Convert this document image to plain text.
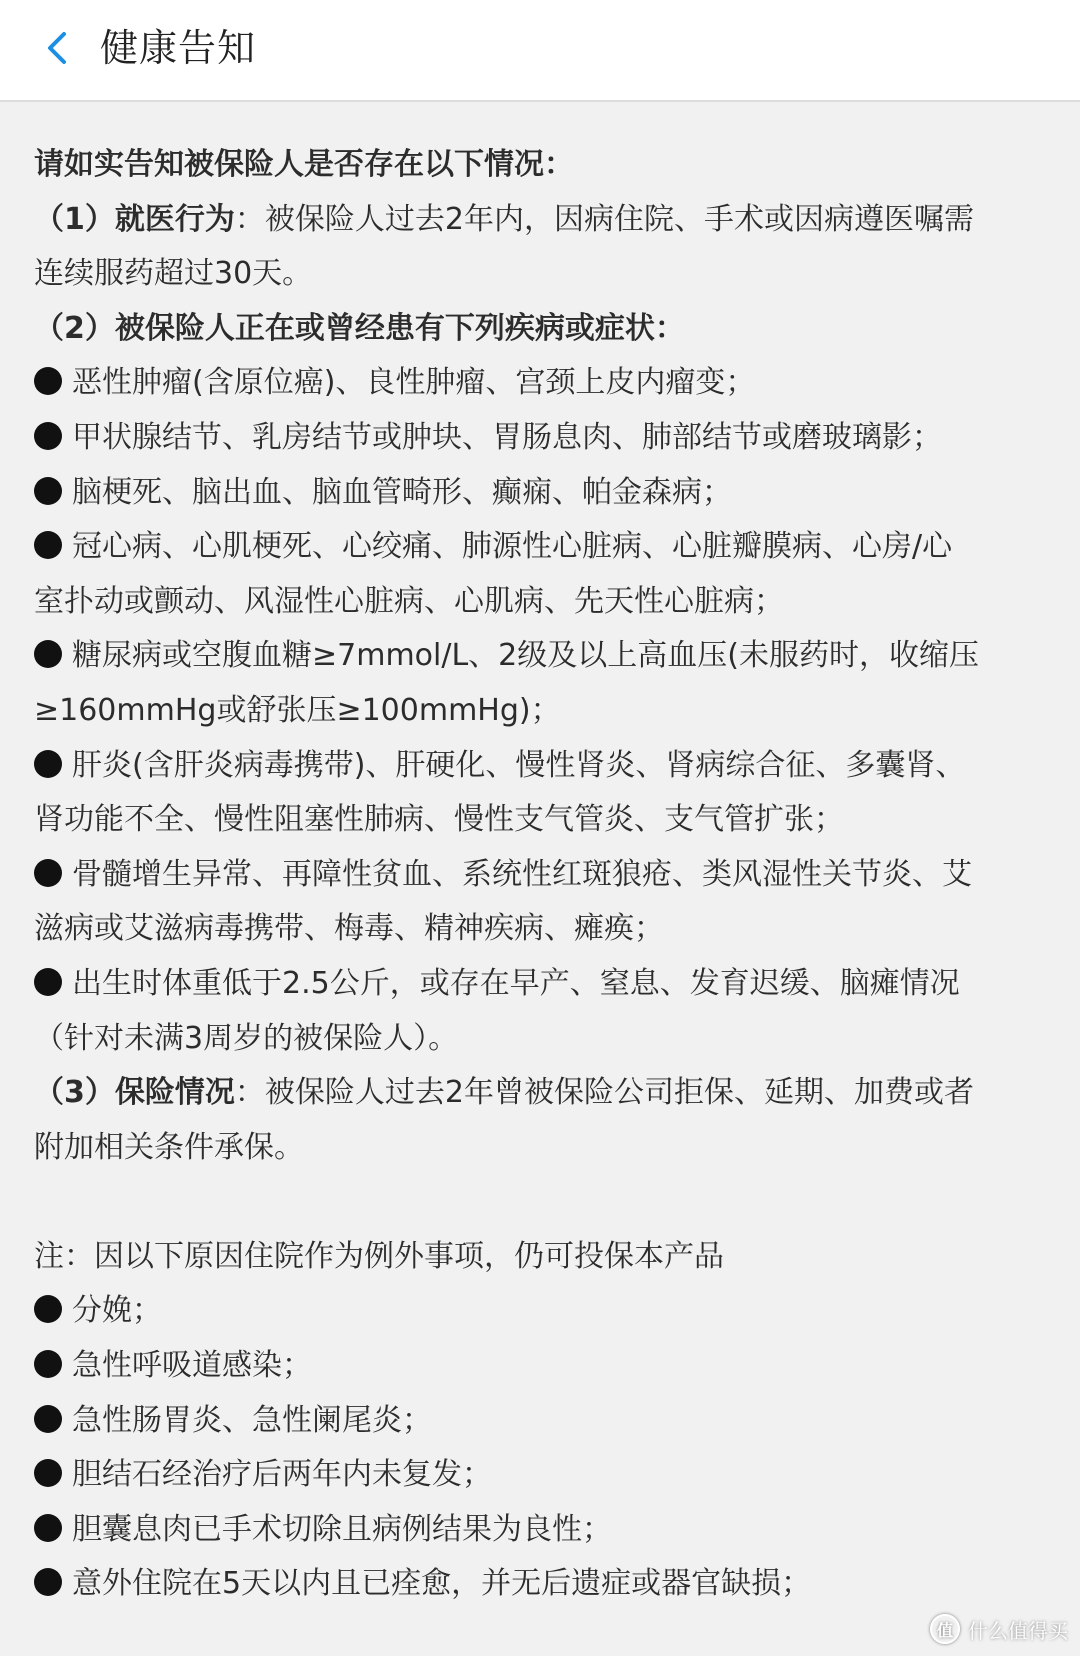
健康告知
请如实告知被保险人是否存在以下情况：
（1）就医行为：被保险人过去2年内，因病住院、手术或因病遵医嘱需
连续服药超过30天。
（2）被保险人正在或曾经患有下列疾病或症状：
恶性肿瘤(含原位癌)、良性肿瘤、宫颈上皮内瘤变；
甲状腺结节、乳房结节或肿块、胃肠息肉、肺部结节或磨玻璃影；
脑梗死、脑出血、脑血管畸形、癫痫、帕金森病；
冠心病、心肌梗死、心绞痛、肺源性心脏病、心脏瓣膜病、心房/心
室扑动或颤动、风湿性心脏病、心肌病、先天性心脏病；
糖尿病或空腹血糖≥7mmol/L、2级及以上高血压(未服药时，收缩压
≥160mmHg或舒张压≥100mmHg)；
肝炎(含肝炎病毒携带)、肝硬化、慢性肾炎、肾病综合征、多囊肾、
肾功能不全、慢性阻塞性肺病、慢性支气管炎、支气管扩张；
骨髓增生异常、再障性贫血、系统性红斑狼疮、类风湿性关节炎、艾
滋病或艾滋病毒携带、梅毒、精神疾病、瘫痪；
出生时体重低于2.5公斤，或存在早产、窒息、发育迟缓、脑瘫情况
（针对未满3周岁的被保险人）。
（3）保险情况：被保险人过去2年曾被保险公司拒保、延期、加费或者
附加相关条件承保。
注：因以下原因住院作为例外事项，仍可投保本产品
分娩；
急性呼吸道感染；
急性肠胃炎、急性阑尾炎；
胆结石经治疗后两年内未复发；
胆囊息肉已手术切除且病例结果为良性；
意外住院在5天以内且已痊愈，并无后遗症或器官缺损；
值 什么值得买
